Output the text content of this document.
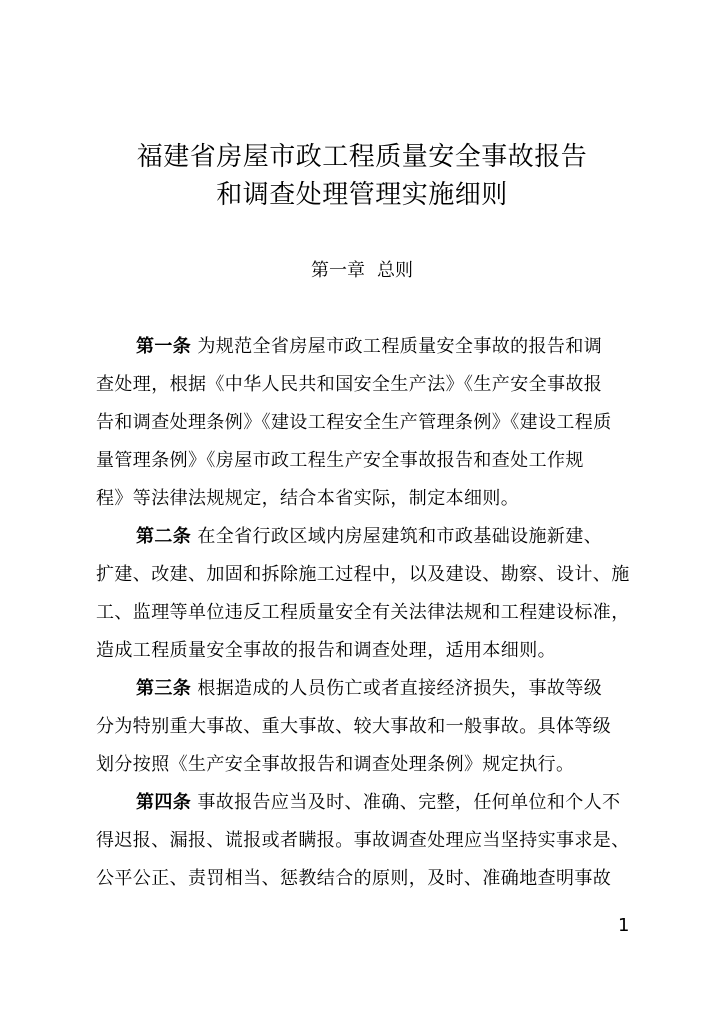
福建省房屋市政工程质量安全事故报告
和调查处理管理实施细则
第一章 总则
第一条 为规范全省房屋市政工程质量安全事故的报告和调
查处理，根据《中华人民共和国安全生产法》《生产安全事故报
告和调查处理条例》《建设工程安全生产管理条例》《建设工程质
量管理条例》《房屋市政工程生产安全事故报告和查处工作规
程》等法律法规规定，结合本省实际，制定本细则。
第二条 在全省行政区域内房屋建筑和市政基础设施新建、
扩建、改建、加固和拆除施工过程中，以及建设、勘察、设计、施
工、监理等单位违反工程质量安全有关法律法规和工程建设标准，
造成工程质量安全事故的报告和调查处理，适用本细则。
第三条 根据造成的人员伤亡或者直接经济损失，事故等级
分为特别重大事故、重大事故、较大事故和一般事故。具体等级
划分按照《生产安全事故报告和调查处理条例》规定执行。
第四条 事故报告应当及时、准确、完整，任何单位和个人不
得迟报、漏报、谎报或者瞒报。事故调查处理应当坚持实事求是、
公平公正、责罚相当、惩教结合的原则，及时、准确地查明事故
1
